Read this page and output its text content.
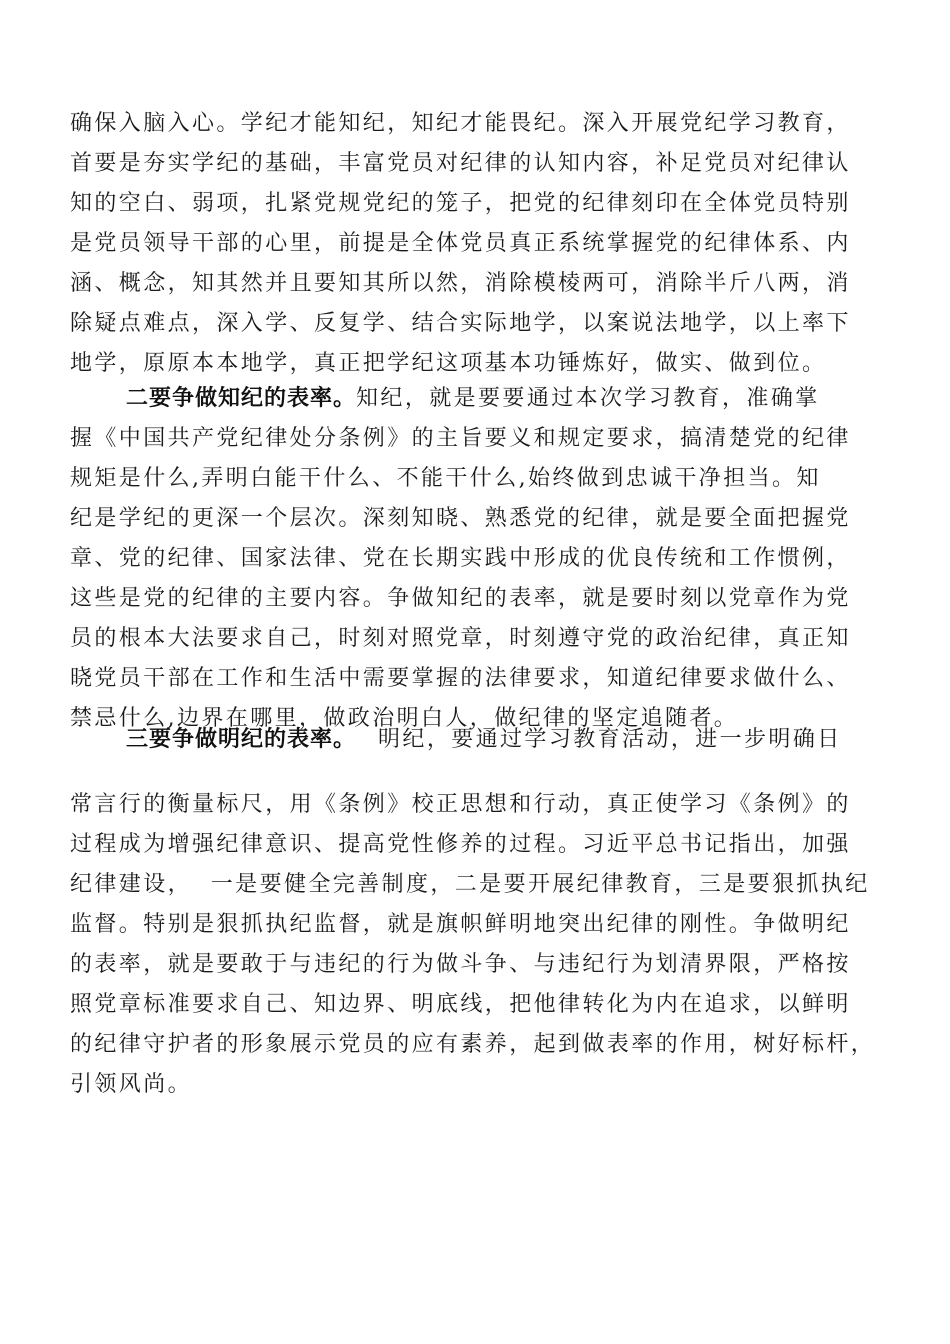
确保入脑入心。学纪才能知纪，知纪才能畏纪。深入开展党纪学习教育，
首要是夯实学纪的基础，丰富党员对纪律的认知内容，补足党员对纪律认
知的空白、弱项，扎紧党规党纪的笼子，把党的纪律刻印在全体党员特别
是党员领导干部的心里，前提是全体党员真正系统掌握党的纪律体系、内
涵、概念，知其然并且要知其所以然，消除模棱两可，消除半斤八两，消
除疑点难点，深入学、反复学、结合实际地学，以案说法地学，以上率下
地学，原原本本地学，真正把学纪这项基本功锤炼好，做实、做到位。
二要争做知纪的表率。知纪，就是要要通过本次学习教育，准确掌
握《中国共产党纪律处分条例》的主旨要义和规定要求，搞清楚党的纪律
规矩是什么,弄明白能干什么、不能干什么,始终做到忠诚干净担当。知
纪是学纪的更深一个层次。深刻知晓、熟悉党的纪律，就是要全面把握党
章、党的纪律、国家法律、党在长期实践中形成的优良传统和工作惯例，
这些是党的纪律的主要内容。争做知纪的表率，就是要时刻以党章作为党
员的根本大法要求自己，时刻对照党章，时刻遵守党的政治纪律，真正知
晓党员干部在工作和生活中需要掌握的法律要求，知道纪律要求做什么、
禁忌什么,边界在哪里，做政治明白人，做纪律的坚定追随者。
三要争做明纪的表率。 明纪，要通过学习教育活动，进一步明确日
常言行的衡量标尺，用《条例》校正思想和行动，真正使学习《条例》的
过程成为增强纪律意识、提高党性修养的过程。习近平总书记指出，加强
纪律建设，  一是要健全完善制度，二是要开展纪律教育，三是要狠抓执纪
监督。特别是狠抓执纪监督，就是旗帜鲜明地突出纪律的刚性。争做明纪
的表率，就是要敢于与违纪的行为做斗争、与违纪行为划清界限，严格按
照党章标准要求自己、知边界、明底线，把他律转化为内在追求，以鲜明
的纪律守护者的形象展示党员的应有素养，起到做表率的作用，树好标杆，
引领风尚。
